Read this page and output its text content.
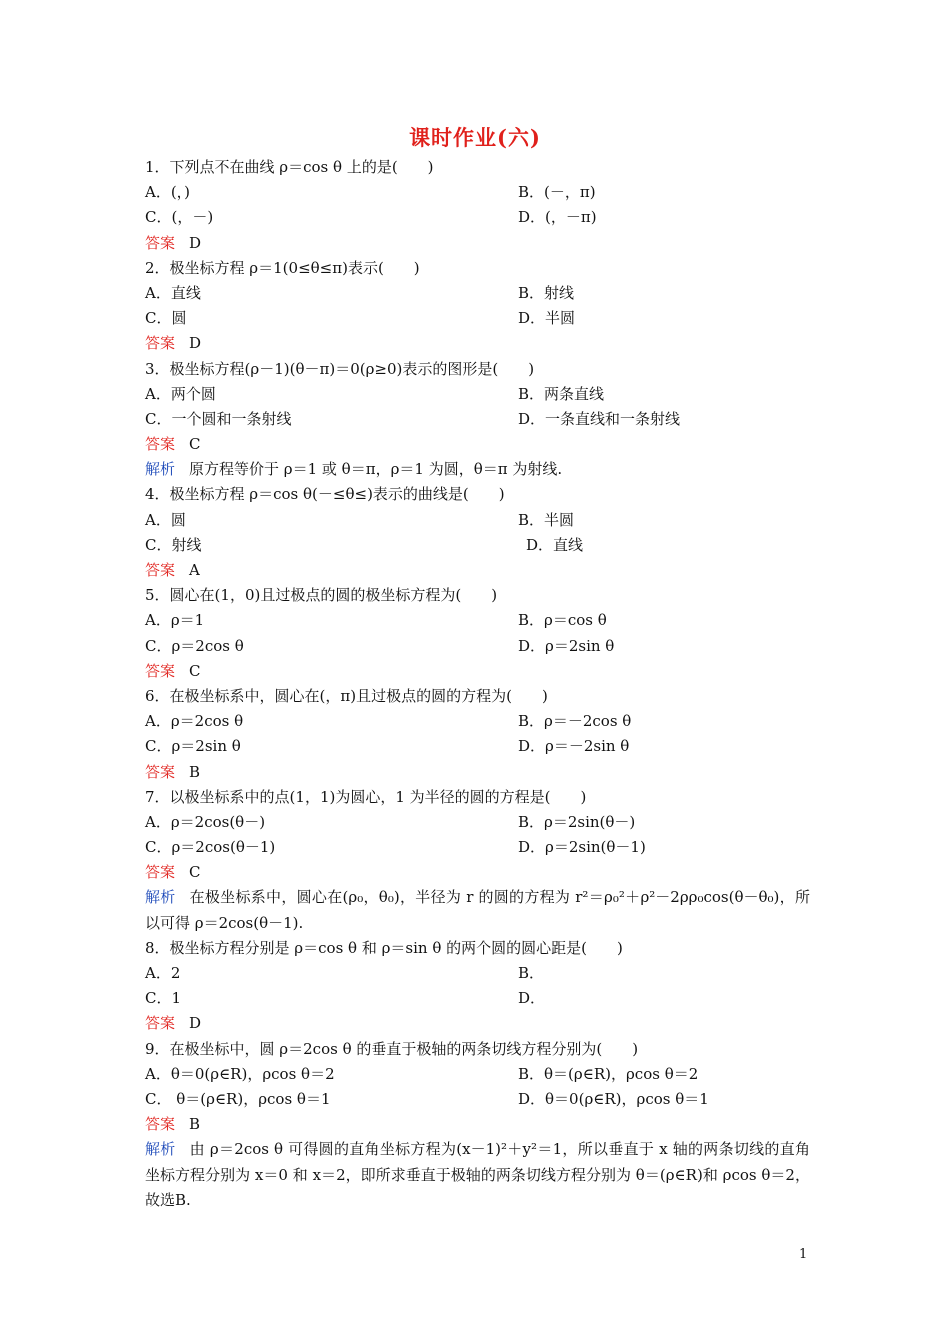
课时作业(六)
1．下列点不在曲线 ρ＝cos θ 上的是(　　)
A．(，)	B．(－，π)
C．(，－)	D．(，－π)
答案 D
2．极坐标方程 ρ＝1(0≤θ≤π)表示(　　)
A．直线	B．射线
C．圆	D．半圆
答案 D
3．极坐标方程(ρ－1)(θ－π)＝0(ρ≥0)表示的图形是(　　)
A．两个圆	B．两条直线
C．一个圆和一条射线	D．一条直线和一条射线
答案 C
解析 原方程等价于 ρ＝1 或 θ＝π，ρ＝1 为圆，θ＝π 为射线.
4．极坐标方程 ρ＝cos θ(－≤θ≤)表示的曲线是(　　)
A．圆	B．半圆
C．射线	D．直线
答案 A
5．圆心在(1，0)且过极点的圆的极坐标方程为(　　)
A．ρ＝1	B．ρ＝cos θ
C．ρ＝2cos θ	D．ρ＝2sin θ
答案 C
6．在极坐标系中，圆心在(，π)且过极点的圆的方程为(　　)
A．ρ＝2cos θ	B．ρ＝－2cos θ
C．ρ＝2sin θ	D．ρ＝－2sin θ
答案 B
7．以极坐标系中的点(1，1)为圆心，1 为半径的圆的方程是(　　)
A．ρ＝2cos(θ－)	B．ρ＝2sin(θ－)
C．ρ＝2cos(θ－1)	D．ρ＝2sin(θ－1)
答案 C
解析 在极坐标系中，圆心在(ρ₀，θ₀)，半径为 r 的圆的方程为 r²＝ρ₀²＋ρ²－2ρρ₀cos(θ－θ₀)，所以可得 ρ＝2cos(θ－1).
8．极坐标方程分别是 ρ＝cos θ 和 ρ＝sin θ 的两个圆的圆心距是(　　)
A．2	B．
C．1	D．
答案 D
9．在极坐标中，圆 ρ＝2cos θ 的垂直于极轴的两条切线方程分别为(　　)
A．θ＝0(ρ∈R)，ρcos θ＝2	B．θ＝(ρ∈R)，ρcos θ＝2
C． θ＝(ρ∈R)，ρcos θ＝1	D．θ＝0(ρ∈R)，ρcos θ＝1
答案 B
解析 由 ρ＝2cos θ 可得圆的直角坐标方程为(x－1)²＋y²＝1，所以垂直于 x 轴的两条切线的直角坐标方程分别为 x＝0 和 x＝2，即所求垂直于极轴的两条切线方程分别为 θ＝(ρ∈R)和 ρcos θ＝2，故选B.
1
